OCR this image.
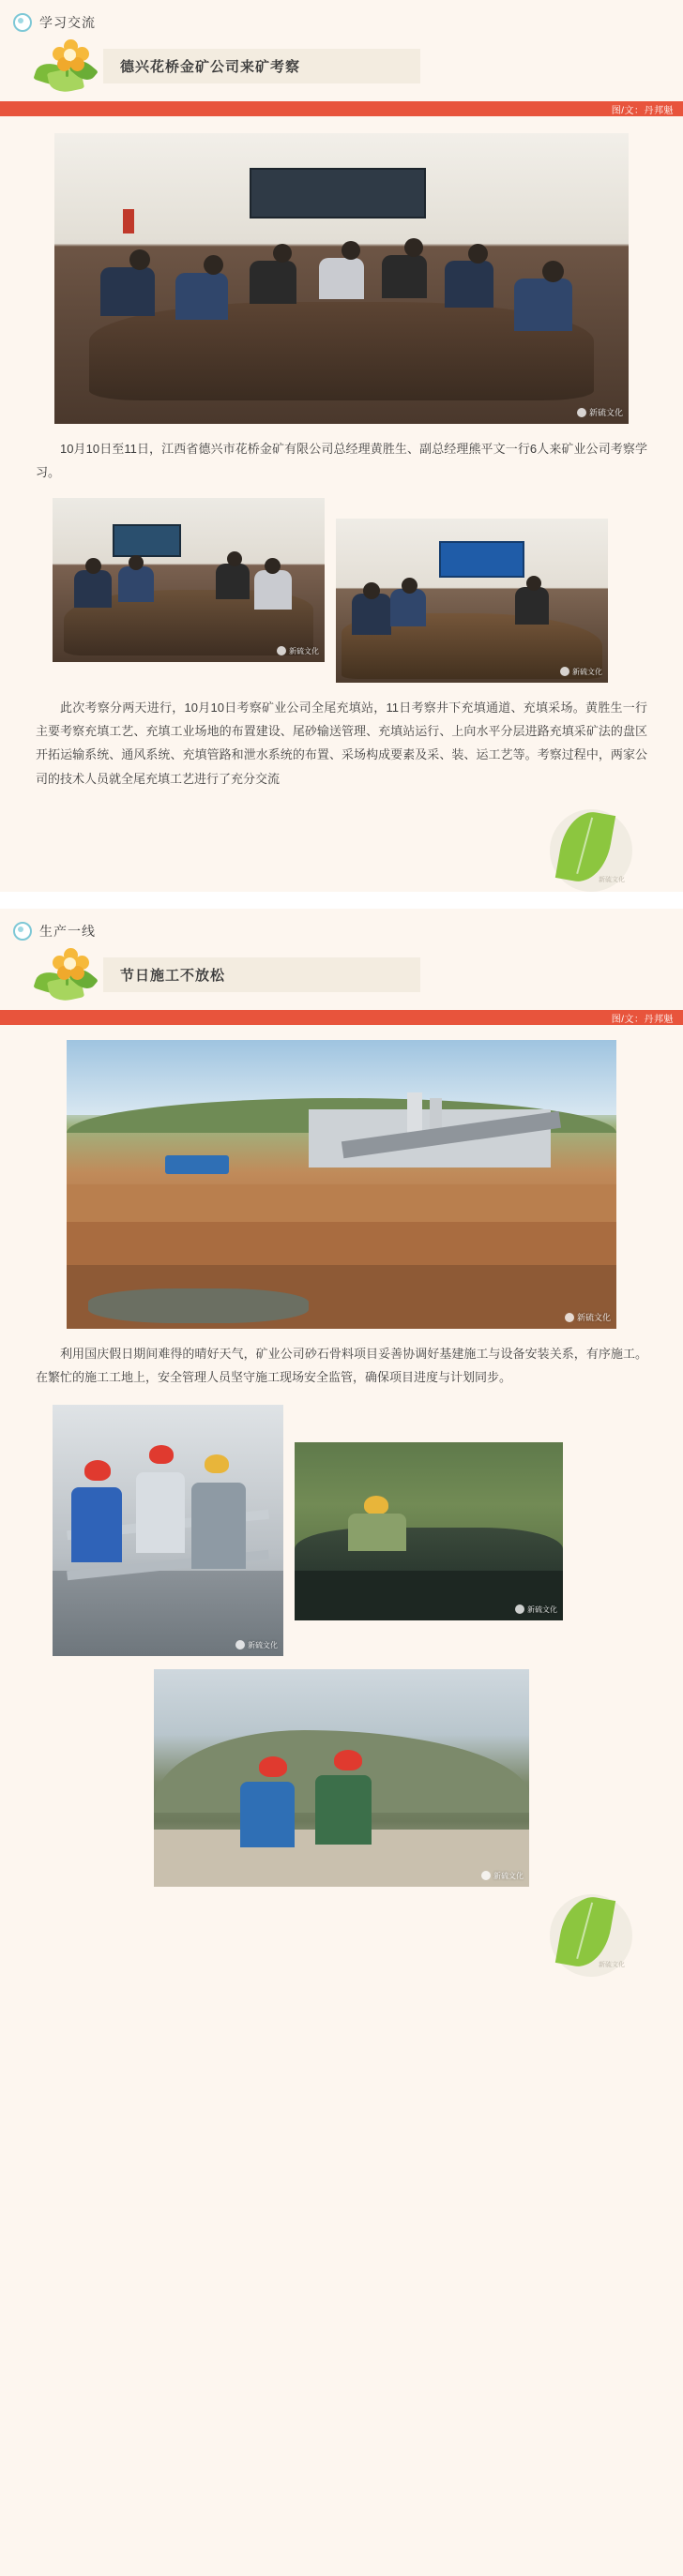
学习交流
德兴花桥金矿公司来矿考察
图/文：丹邦魁
新硫文化

10月10日至11日，江西省德兴市花桥金矿有限公司总经理黄胜生、副总经理熊平文一行6人来矿业公司考察学习。

新硫文化
新硫文化

此次考察分两天进行，10月10日考察矿业公司全尾充填站，11日考察井下充填通道、充填采场。黄胜生一行主要考察充填工艺、充填工业场地的布置建设、尾砂输送管理、充填站运行、上向水平分层进路充填采矿法的盘区开拓运输系统、通风系统、充填管路和泄水系统的布置、采场构成要素及采、装、运工艺等。考察过程中，两家公司的技术人员就全尾充填工艺进行了充分交流

新硫文化
生产一线
节日施工不放松
图/文：丹邦魁
新硫文化

利用国庆假日期间难得的晴好天气，矿业公司砂石骨料项目妥善协调好基建施工与设备安装关系，有序施工。在繁忙的施工工地上，安全管理人员坚守施工现场安全监管，确保项目进度与计划同步。

新硫文化
新硫文化
新硫文化
新硫文化
